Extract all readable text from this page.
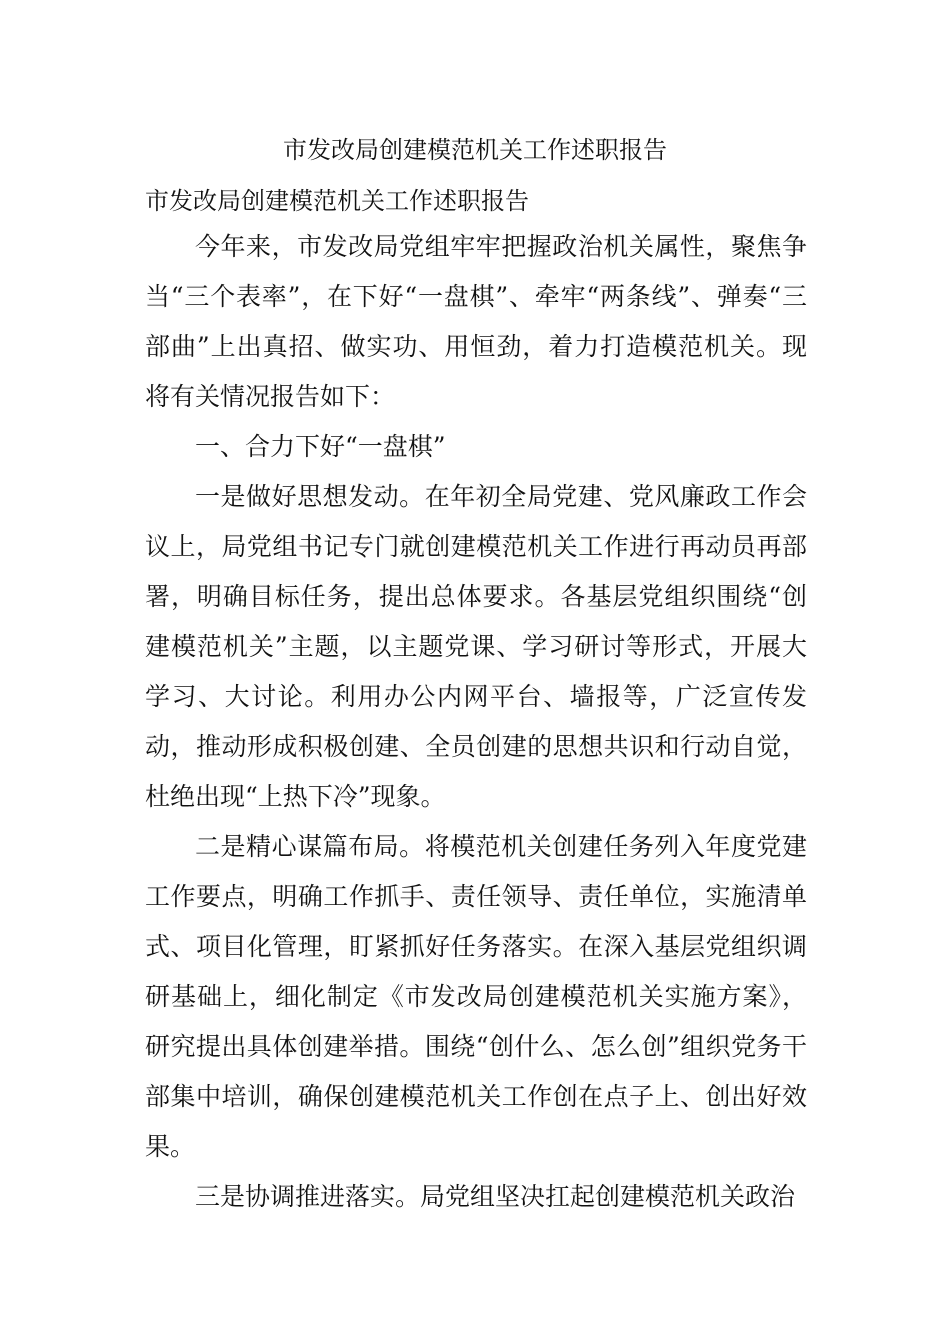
市发改局创建模范机关工作述职报告

市发改局创建模范机关工作述职报告

今年来，市发改局党组牢牢把握政治机关属性，聚焦争当“三个表率”，在下好“一盘棋”、牵牢“两条线”、弹奏“三部曲”上出真招、做实功、用恒劲，着力打造模范机关。现将有关情况报告如下：

一、合力下好“一盘棋”

一是做好思想发动。在年初全局党建、党风廉政工作会议上，局党组书记专门就创建模范机关工作进行再动员再部署，明确目标任务，提出总体要求。各基层党组织围绕“创建模范机关”主题，以主题党课、学习研讨等形式，开展大学习、大讨论。利用办公内网平台、墙报等，广泛宣传发动，推动形成积极创建、全员创建的思想共识和行动自觉，杜绝出现“上热下冷”现象。

二是精心谋篇布局。将模范机关创建任务列入年度党建工作要点，明确工作抓手、责任领导、责任单位，实施清单式、项目化管理，盯紧抓好任务落实。在深入基层党组织调研基础上，细化制定《市发改局创建模范机关实施方案》，研究提出具体创建举措。围绕“创什么、怎么创”组织党务干部集中培训，确保创建模范机关工作创在点子上、创出好效果。

三是协调推进落实。局党组坚决扛起创建模范机关政治
